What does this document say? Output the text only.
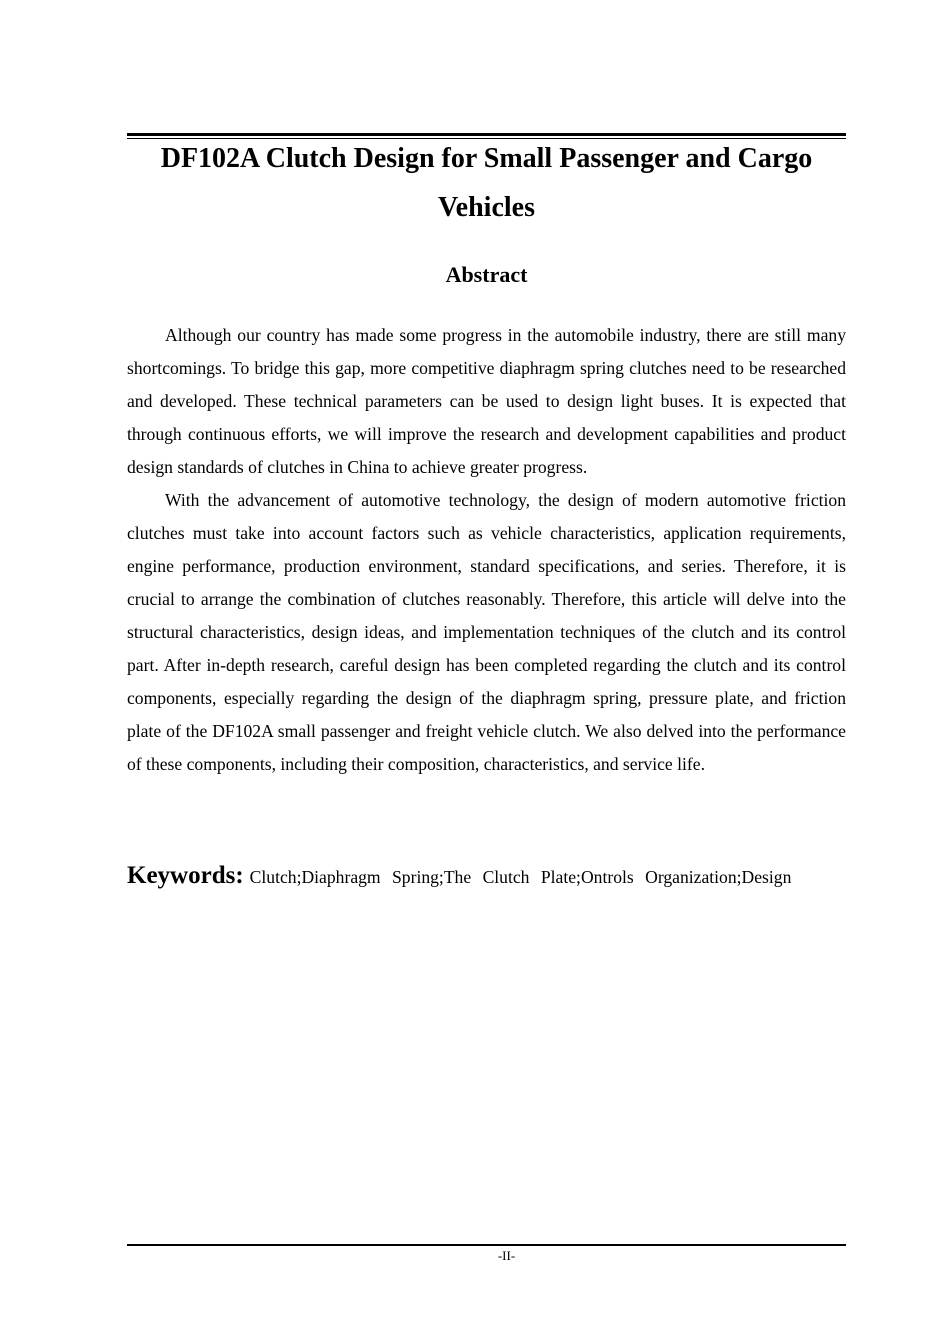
DF102A Clutch Design for Small Passenger and Cargo Vehicles
Abstract

Although our country has made some progress in the automobile industry, there are still many shortcomings. To bridge this gap, more competitive diaphragm spring clutches need to be researched and developed. These technical parameters can be used to design light buses. It is expected that through continuous efforts, we will improve the research and development capabilities and product design standards of clutches in China to achieve greater progress.

With the advancement of automotive technology, the design of modern automotive friction clutches must take into account factors such as vehicle characteristics, application requirements, engine performance, production environment, standard specifications, and series. Therefore, it is crucial to arrange the combination of clutches reasonably. Therefore, this article will delve into the structural characteristics, design ideas, and implementation techniques of the clutch and its control part. After in-depth research, careful design has been completed regarding the clutch and its control components, especially regarding the design of the diaphragm spring, pressure plate, and friction plate of the DF102A small passenger and freight vehicle clutch. We also delved into the performance of these components, including their composition, characteristics, and service life.

Keywords: Clutch;Diaphragm Spring;The Clutch Plate;Ontrols Organization;Design

-II-
